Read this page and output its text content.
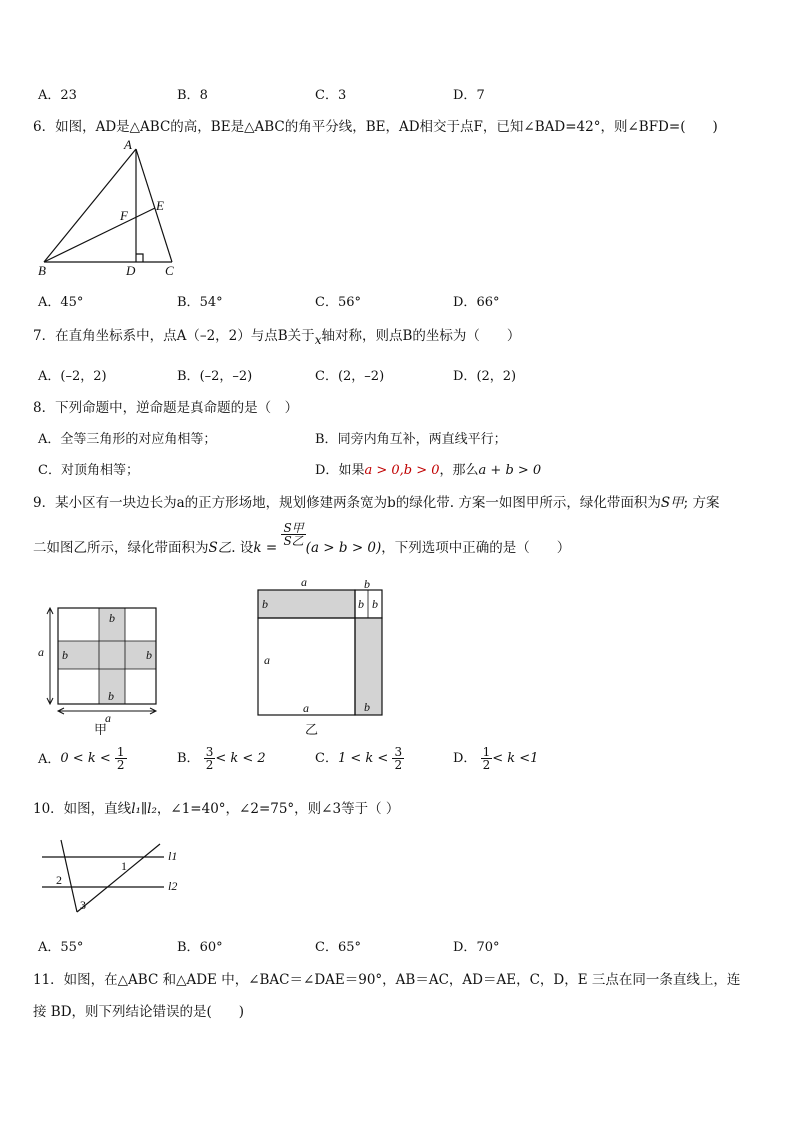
A．23	B．8	C．3	D．7
6．如图，AD是△ABC的高，BE是△ABC的角平分线，BE，AD相交于点F，已知∠BAD=42°，则∠BFD=(　　)
A
B	C
D
E
F
A．45°	B．54°	C．56°	D．66°
7．在直角坐标系中，点A（–2，2）与点B关于x轴对称，则点B的坐标为（　　）
A．(–2，2)	B．(–2，–2)	C．(2，–2)	D．(2，2)
8．下列命题中，逆命题是真命题的是（　）
A．全等三角形的对应角相等；	B．同旁内角互补，两直线平行；
C．对顶角相等；	D．如果a > 0,b > 0，那么a + b > 0
9．某小区有一块边长为a的正方形场地，规划修建两条宽为b的绿化带. 方案一如图甲所示，绿化带面积为S甲; 方案
二如图乙所示，绿化带面积为S乙. 设k =
$\frac{\text{S甲}}{\text{S乙}}$
(a > b > 0)，下列选项中正确的是（　　）
a
a
b
b	b
b
甲
a	b
b	b b
a
a	b
乙
A．$0 < k < \frac{1}{2}$	B． $\frac{3}{2} < k < 2$	C．$1 < k < \frac{3}{2}$	D． $\frac{1}{2} < k <1$
10．如图，直线l₁∥l₂，∠1=40°，∠2=75°，则∠3等于（ ）
1
2
3
l1
l2
A．55°	B．60°	C．65°	D．70°
11．如图，在△ABC 和△ADE 中，∠BAC＝∠DAE＝90°，AB＝AC，AD＝AE，C，D，E 三点在同一条直线上，连
接 BD，则下列结论错误的是(　　)
